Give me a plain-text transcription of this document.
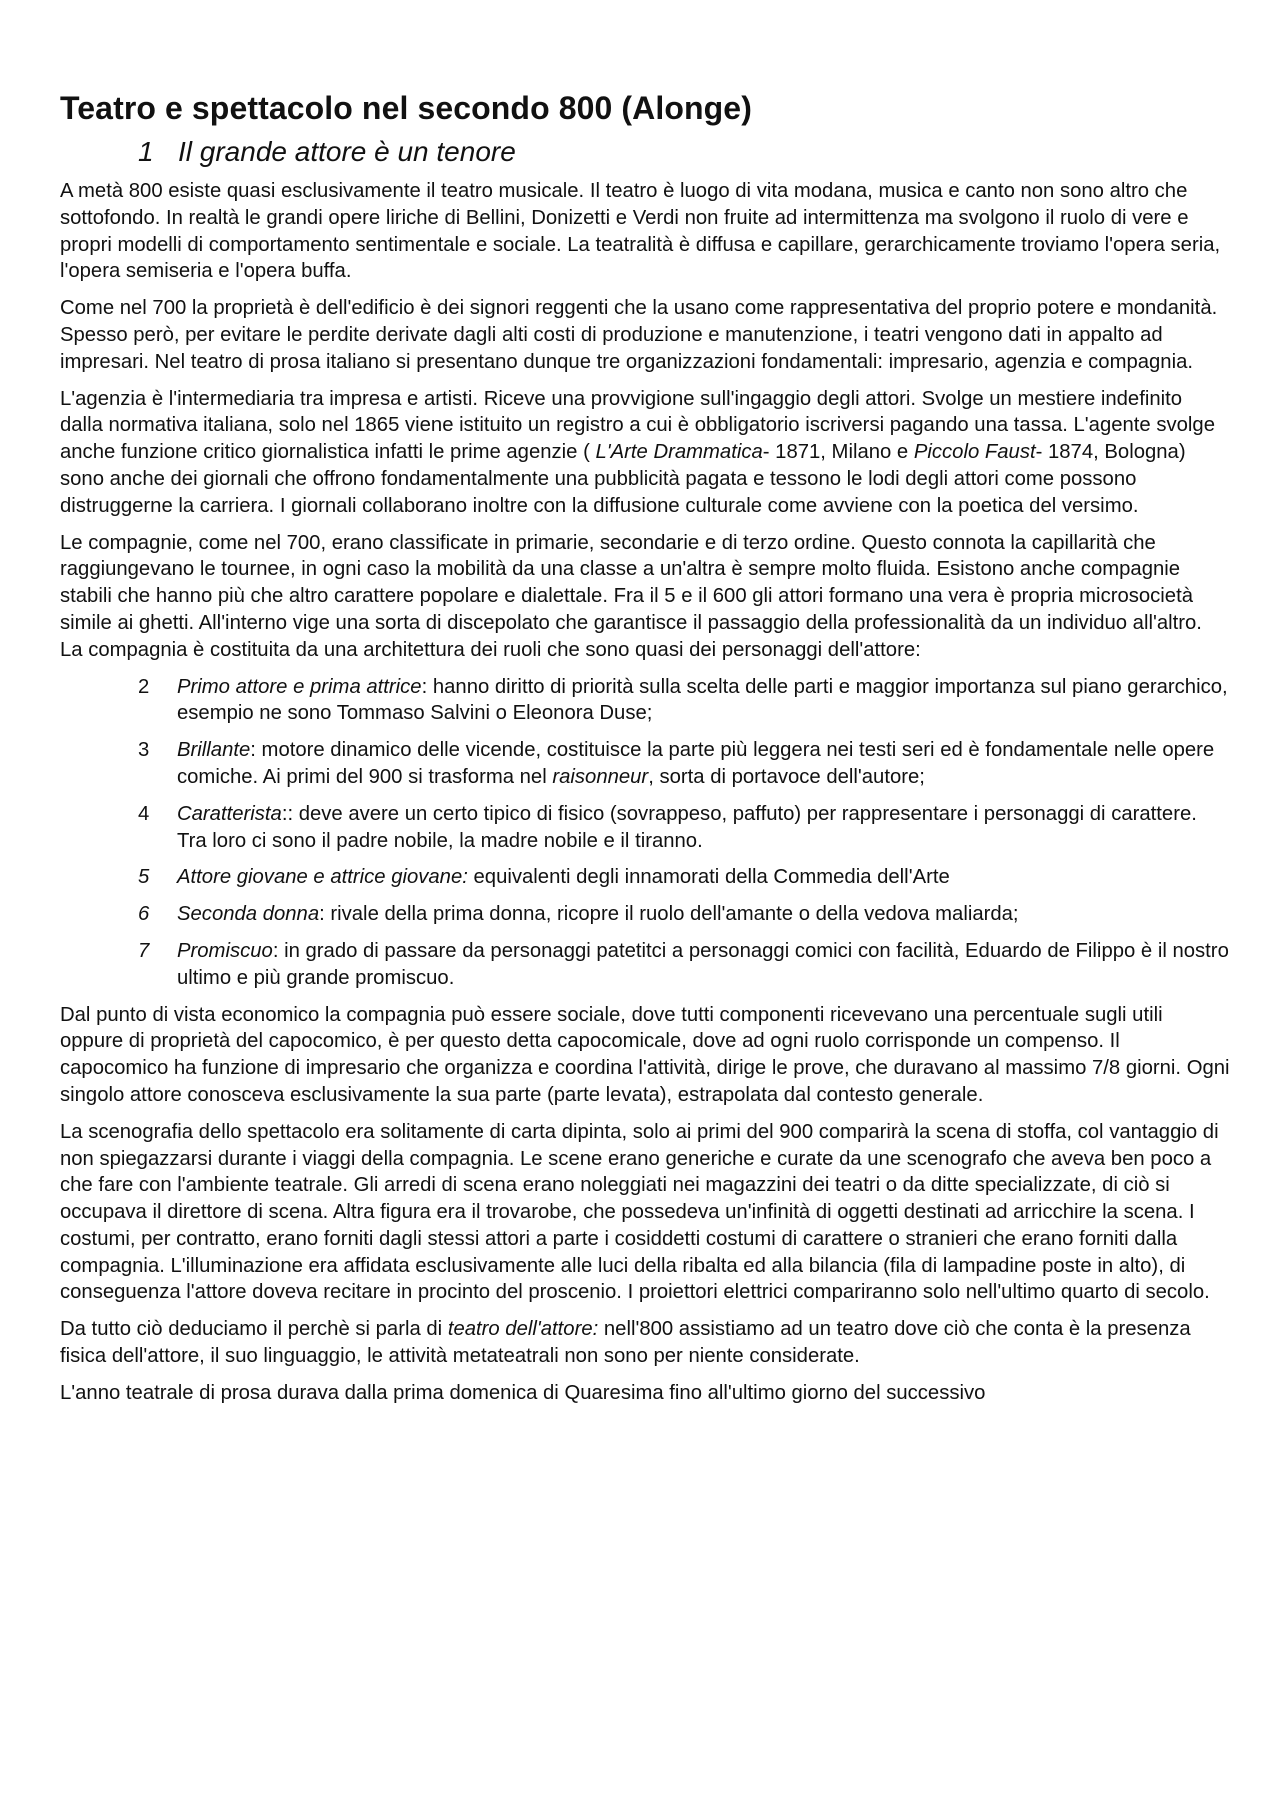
Teatro e spettacolo nel secondo 800 (Alonge)
1 Il grande attore è un tenore

A metà 800 esiste quasi esclusivamente il teatro musicale. Il teatro è luogo di vita modana, musica e canto non sono altro che sottofondo. In realtà le grandi opere liriche di Bellini, Donizetti e Verdi non fruite ad intermittenza ma svolgono il ruolo di vere e propri modelli di comportamento sentimentale e sociale. La teatralità è diffusa e capillare, gerarchicamente troviamo l'opera seria, l'opera semiseria e l'opera buffa.

Come nel 700 la proprietà è dell'edificio è dei signori reggenti che la usano come rappresentativa del proprio potere e mondanità. Spesso però, per evitare le perdite derivate dagli alti costi di produzione e manutenzione, i teatri vengono dati in appalto ad impresari. Nel teatro di prosa italiano si presentano dunque tre organizzazioni fondamentali: impresario, agenzia e compagnia.

L'agenzia è l'intermediaria tra impresa e artisti. Riceve una provvigione sull'ingaggio degli attori. Svolge un mestiere indefinito dalla normativa italiana, solo nel 1865 viene istituito un registro a cui è obbligatorio iscriversi pagando una tassa. L'agente svolge anche funzione critico giornalistica infatti le prime agenzie ( L'Arte Drammatica- 1871, Milano e Piccolo Faust- 1874, Bologna) sono anche dei giornali che offrono fondamentalmente una pubblicità pagata e tessono le lodi degli attori come possono distruggerne la carriera. I giornali collaborano inoltre con la diffusione culturale come avviene con la poetica del versimo.

Le compagnie, come nel 700, erano classificate in primarie, secondarie e di terzo ordine. Questo connota la capillarità che raggiungevano le tournee, in ogni caso la mobilità da una classe a un'altra è sempre molto fluida. Esistono anche compagnie stabili che hanno più che altro carattere popolare e dialettale. Fra il 5 e il 600 gli attori formano una vera è propria microsocietà simile ai ghetti. All'interno vige una sorta di discepolato che garantisce il passaggio della professionalità da un individuo all'altro. La compagnia è costituita da una architettura dei ruoli che sono quasi dei personaggi dell'attore:

2 Primo attore e prima attrice: hanno diritto di priorità sulla scelta delle parti e maggior importanza sul piano gerarchico, esempio ne sono Tommaso Salvini o Eleonora Duse;
3 Brillante: motore dinamico delle vicende, costituisce la parte più leggera nei testi seri ed è fondamentale nelle opere comiche. Ai primi del 900 si trasforma nel raisonneur, sorta di portavoce dell'autore;
4 Caratterista:: deve avere un certo tipico di fisico (sovrappeso, paffuto) per rappresentare i personaggi di carattere. Tra loro ci sono il padre nobile, la madre nobile e il tiranno.
5 Attore giovane e attrice giovane: equivalenti degli innamorati della Commedia dell'Arte
6 Seconda donna: rivale della prima donna, ricopre il ruolo dell'amante o della vedova maliarda;
7 Promiscuo: in grado di passare da personaggi patetitci a personaggi comici con facilità, Eduardo de Filippo è il nostro ultimo e più grande promiscuo.

Dal punto di vista economico la compagnia può essere sociale, dove tutti componenti ricevevano una percentuale sugli utili oppure di proprietà del capocomico, è per questo detta capocomicale, dove ad ogni ruolo corrisponde un compenso. Il capocomico ha funzione di impresario che organizza e coordina l'attività, dirige le prove, che duravano al massimo 7/8 giorni. Ogni singolo attore conosceva esclusivamente la sua parte (parte levata), estrapolata dal contesto generale.

La scenografia dello spettacolo era solitamente di carta dipinta, solo ai primi del 900 comparirà la scena di stoffa, col vantaggio di non spiegazzarsi durante i viaggi della compagnia. Le scene erano generiche e curate da une scenografo che aveva ben poco a che fare con l'ambiente teatrale. Gli arredi di scena erano noleggiati nei magazzini dei teatri o da ditte specializzate, di ciò si occupava il direttore di scena. Altra figura era il trovarobe, che possedeva un'infinità di oggetti destinati ad arricchire la scena. I costumi, per contratto, erano forniti dagli stessi attori a parte i cosiddetti costumi di carattere o stranieri che erano forniti dalla compagnia. L'illuminazione era affidata esclusivamente alle luci della ribalta ed alla bilancia (fila di lampadine poste in alto), di conseguenza l'attore doveva recitare in procinto del proscenio. I proiettori elettrici compariranno solo nell'ultimo quarto di secolo.

Da tutto ciò deduciamo il perchè si parla di teatro dell'attore: nell'800 assistiamo ad un teatro dove ciò che conta è la presenza fisica dell'attore, il suo linguaggio, le attività metateatrali non sono per niente considerate.

L'anno teatrale di prosa durava dalla prima domenica di Quaresima fino all'ultimo giorno del successivo
